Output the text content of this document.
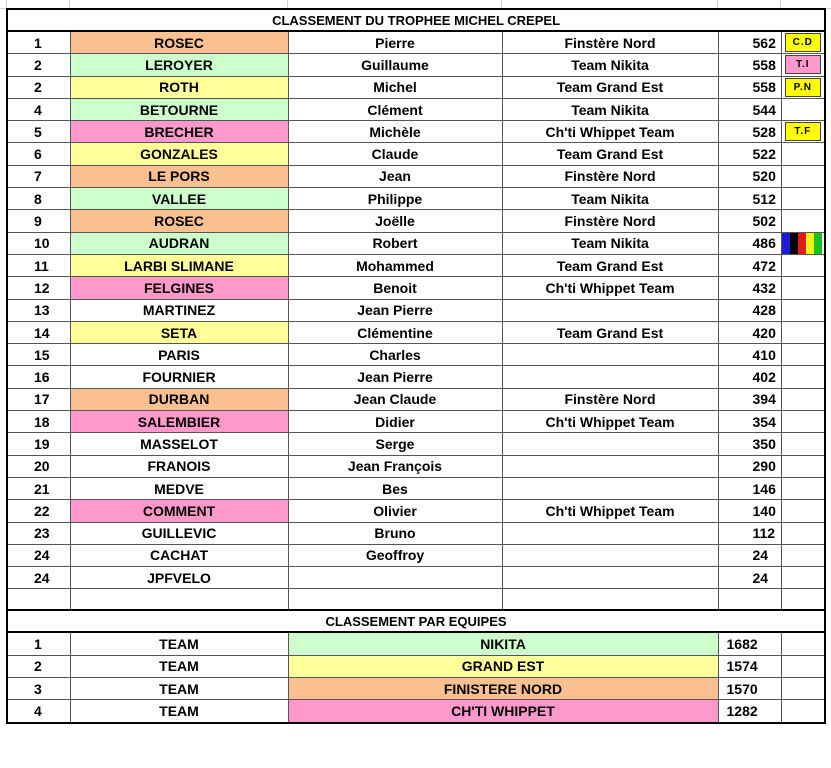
CLASSEMENT DU TROPHEE MICHEL CREPEL					
1	ROSEC	Pierre	Finstère Nord	562	C.D
2	LEROYER	Guillaume	Team Nikita	558	T.I
2	ROTH	Michel	Team Grand Est	558	P.N
4	BETOURNE	Clément	Team Nikita	544	
5	BRECHER	Michèle	Ch'ti Whippet Team	528	T.F
6	GONZALES	Claude	Team Grand Est	522	
7	LE PORS	Jean	Finstère Nord	520	
8	VALLEE	Philippe	Team Nikita	512	
9	ROSEC	Joëlle	Finstère Nord	502	
10	AUDRAN	Robert	Team Nikita	486	
11	LARBI SLIMANE	Mohammed	Team Grand Est	472	
12	FELGINES	Benoit	Ch'ti Whippet Team	432	
13	MARTINEZ	Jean Pierre		428	
14	SETA	Clémentine	Team Grand Est	420	
15	PARIS	Charles		410	
16	FOURNIER	Jean Pierre		402	
17	DURBAN	Jean Claude	Finstère Nord	394	
18	SALEMBIER	Didier	Ch'ti Whippet Team	354	
19	MASSELOT	Serge		350	
20	FRANOIS	Jean François		290	
21	MEDVE	Bes		146	
22	COMMENT	Olivier	Ch'ti Whippet Team	140	
23	GUILLEVIC	Bruno		112	
24	CACHAT	Geoffroy		24	
24	JPFVELO			24	

CLASSEMENT PAR EQUIPES					
1	TEAM	NIKITA		1682	
2	TEAM	GRAND EST		1574	
3	TEAM	FINISTERE NORD		1570	
4	TEAM	CH'TI WHIPPET		1282	
